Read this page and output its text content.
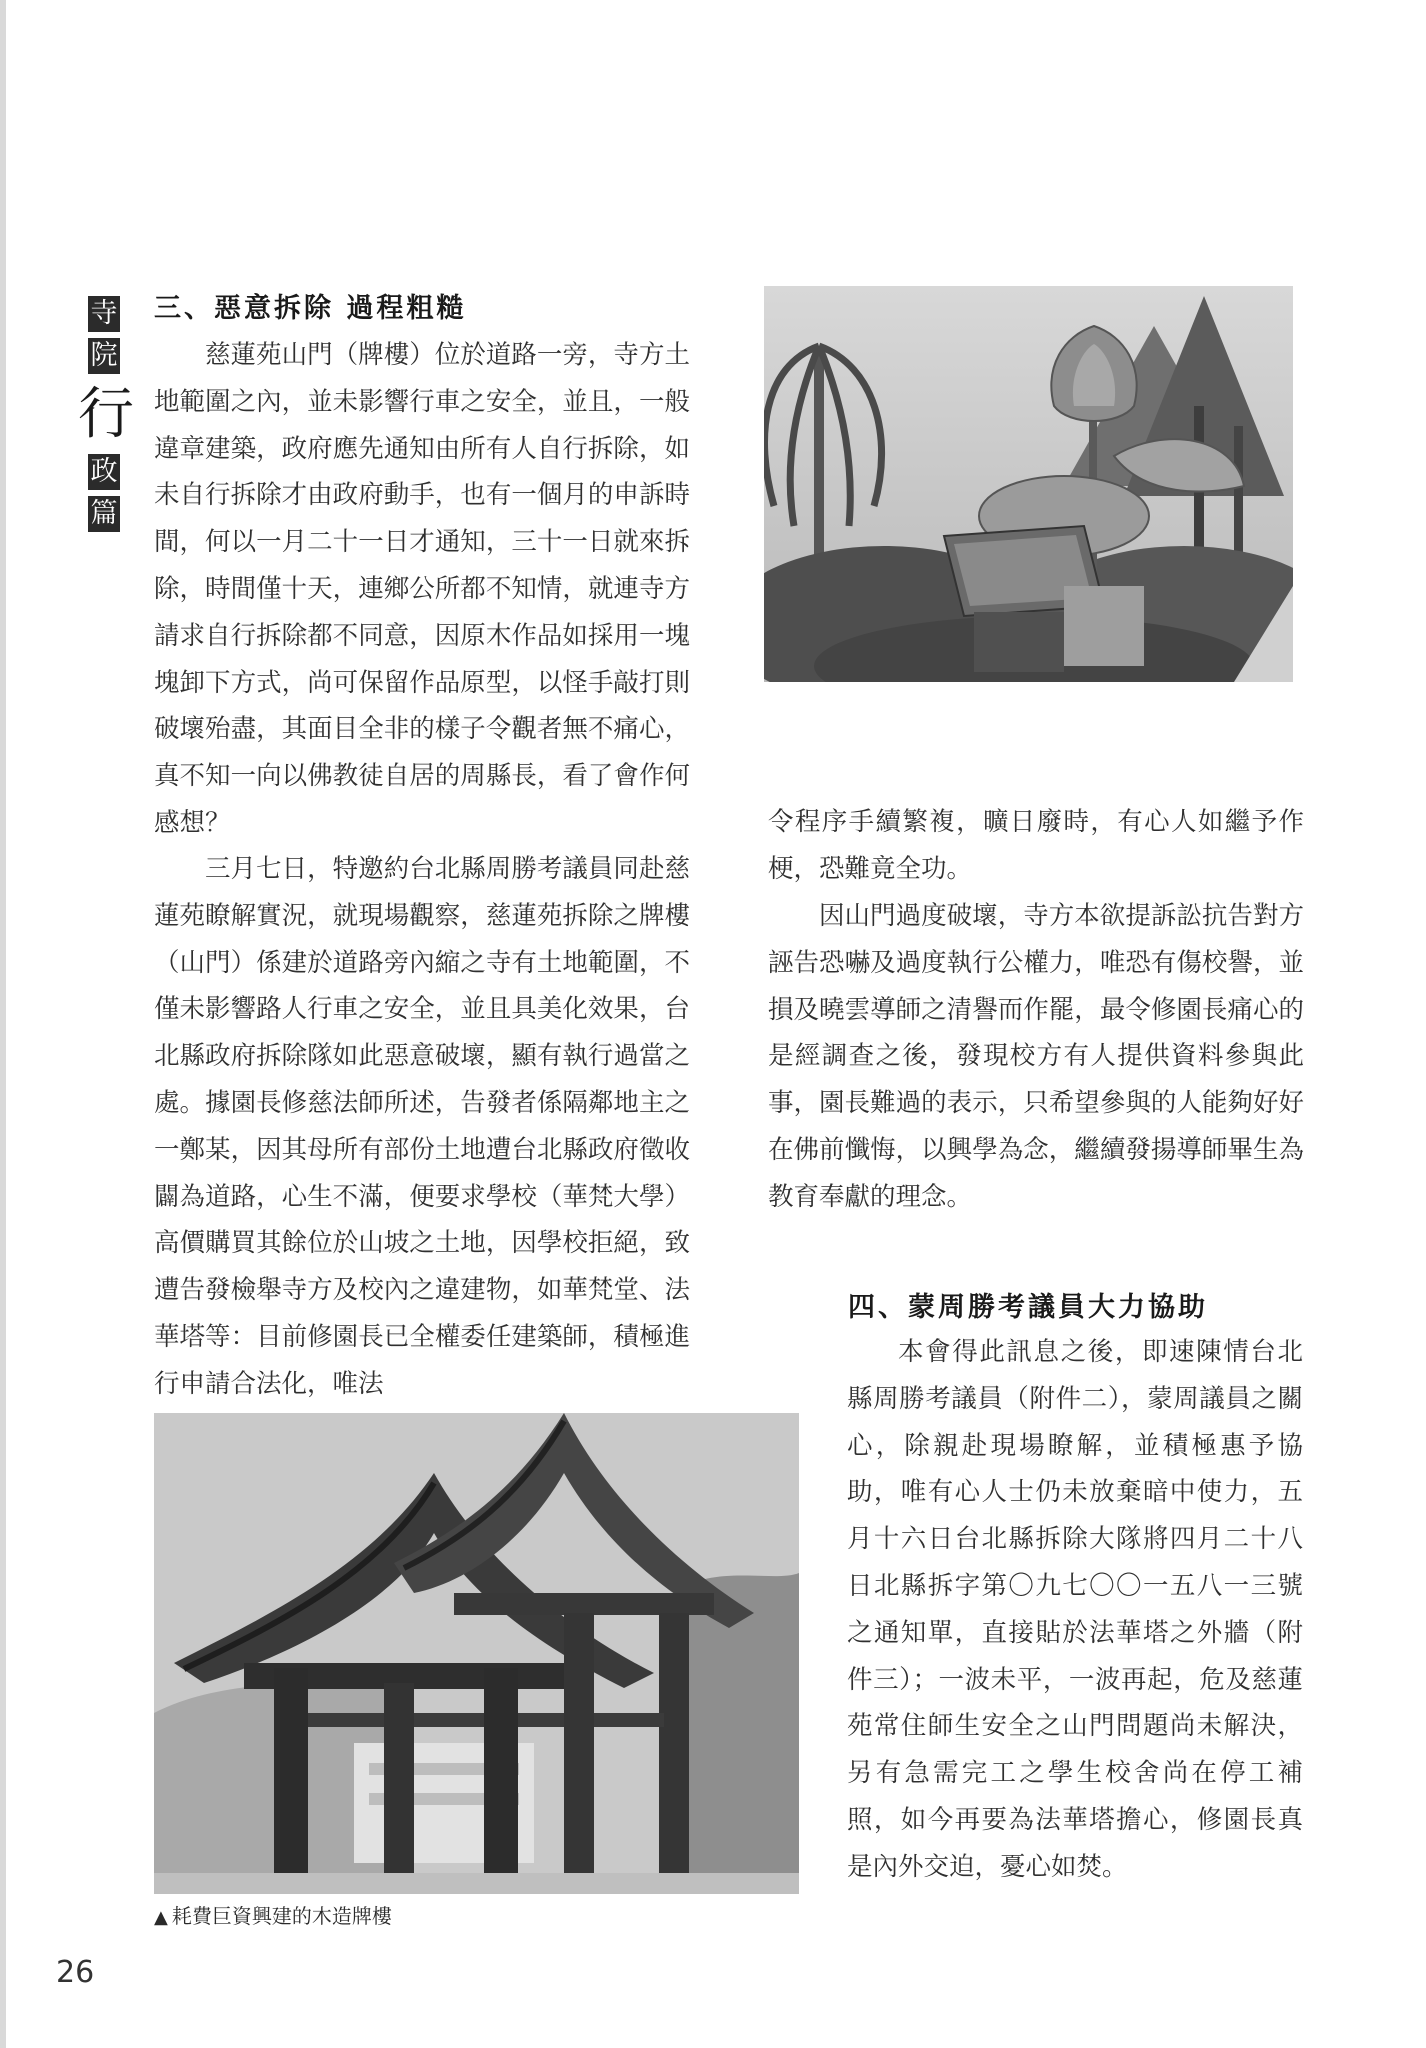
寺
院
行
政
篇
三、惡意拆除 過程粗糙

慈蓮苑山門（牌樓）位於道路一旁，寺方土地範圍之內，並未影響行車之安全，並且，一般違章建築，政府應先通知由所有人自行拆除，如未自行拆除才由政府動手，也有一個月的申訴時間，何以一月二十一日才通知，三十一日就來拆除，時間僅十天，連鄉公所都不知情，就連寺方請求自行拆除都不同意，因原木作品如採用一塊塊卸下方式，尚可保留作品原型，以怪手敲打則破壞殆盡，其面目全非的樣子令觀者無不痛心，真不知一向以佛教徒自居的周縣長，看了會作何感想？

三月七日，特邀約台北縣周勝考議員同赴慈蓮苑瞭解實況，就現場觀察，慈蓮苑拆除之牌樓（山門）係建於道路旁內縮之寺有土地範圍，不僅未影響路人行車之安全，並且具美化效果，台北縣政府拆除隊如此惡意破壞，顯有執行過當之處。據園長修慈法師所述，告發者係隔鄰地主之一鄭某，因其母所有部份土地遭台北縣政府徵收闢為道路，心生不滿，便要求學校（華梵大學）高價購買其餘位於山坡之土地，因學校拒絕，致遭告發檢舉寺方及校內之違建物，如華梵堂、法華塔等：目前修園長已全權委任建築師，積極進行申請合法化，唯法

令程序手續繁複，曠日廢時，有心人如繼予作梗，恐難竟全功。

因山門過度破壞，寺方本欲提訴訟抗告對方誣告恐嚇及過度執行公權力，唯恐有傷校譽，並損及曉雲導師之清譽而作罷，最令修園長痛心的是經調查之後，發現校方有人提供資料參與此事，園長難過的表示，只希望參與的人能夠好好在佛前懺悔，以興學為念，繼續發揚導師畢生為教育奉獻的理念。

四、蒙周勝考議員大力協助

本會得此訊息之後，即速陳情台北縣周勝考議員（附件二），蒙周議員之關心，除親赴現場瞭解，並積極惠予協助，唯有心人士仍未放棄暗中使力，五月十六日台北縣拆除大隊將四月二十八日北縣拆字第〇九七〇〇一五八一三號之通知單，直接貼於法華塔之外牆（附件三）；一波未平，一波再起，危及慈蓮苑常住師生安全之山門問題尚未解決，另有急需完工之學生校舍尚在停工補照，如今再要為法華塔擔心，修園長真是內外交迫，憂心如焚。

▲ 耗費巨資興建的木造牌樓
26
